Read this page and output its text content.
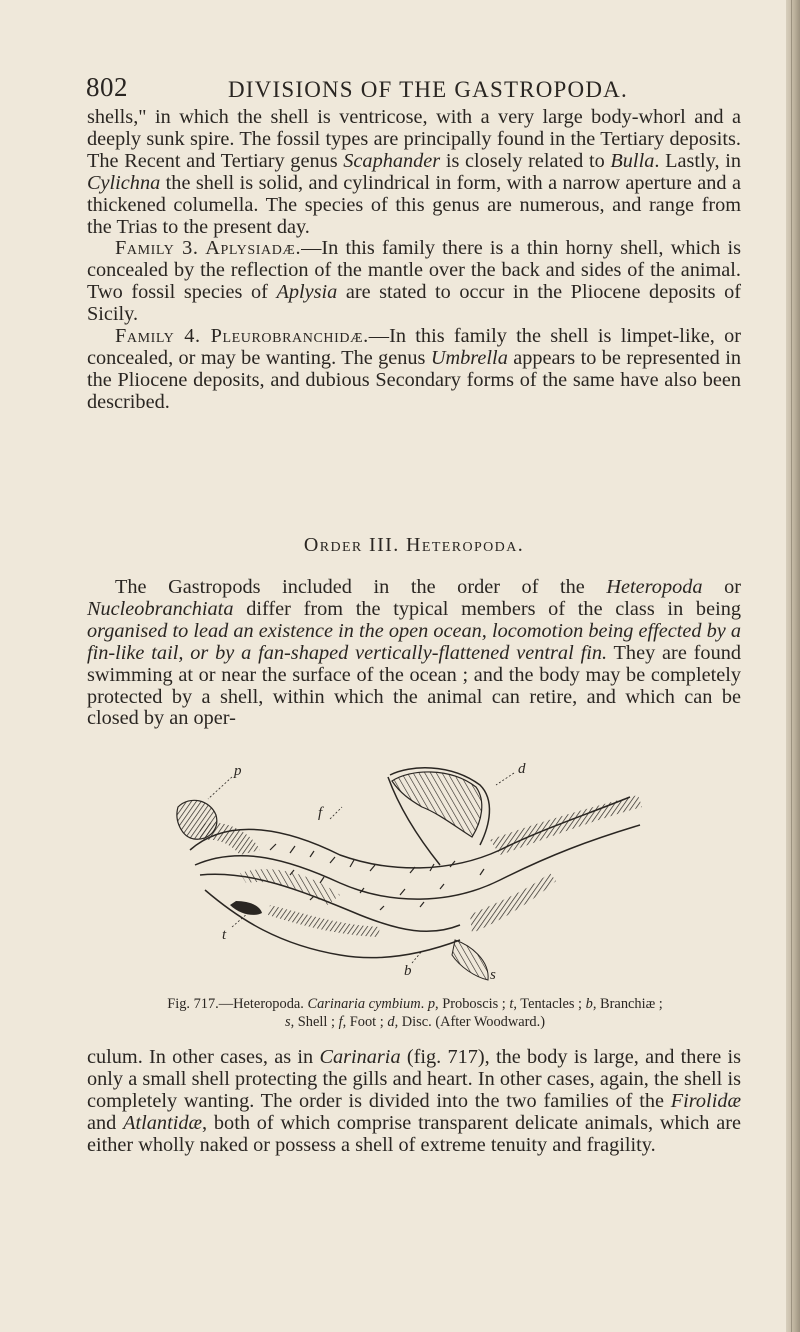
802	DIVISIONS OF THE GASTROPODA.

shells," in which the shell is ventricose, with a very large body-whorl and a deeply sunk spire. The fossil types are principally found in the Tertiary deposits. The Recent and Tertiary genus Scaphander is closely related to Bulla. Lastly, in Cylichna the shell is solid, and cylindrical in form, with a narrow aperture and a thickened columella. The species of this genus are numerous, and range from the Trias to the present day.

Family 3. Aplysiadæ.—In this family there is a thin horny shell, which is concealed by the reflection of the mantle over the back and sides of the animal. Two fossil species of Aplysia are stated to occur in the Pliocene deposits of Sicily.

Family 4. Pleurobranchidæ.—In this family the shell is limpet-like, or concealed, or may be wanting. The genus Umbrella appears to be represented in the Pliocene deposits, and dubious Secondary forms of the same have also been described.

Order III. Heteropoda.

The Gastropods included in the order of the Heteropoda or Nucleobranchiata differ from the typical members of the class in being organised to lead an existence in the open ocean, locomotion being effected by a fin-like tail, or by a fan-shaped vertically-flattened ventral fin. They are found swimming at or near the surface of the ocean ; and the body may be completely protected by a shell, within which the animal can retire, and which can be closed by an oper-

p	d
f
t
b	s
Fig. 717.—Heteropoda. Carinaria cymbium. p, Proboscis ; t, Tentacles ; b, Branchiæ ;
s, Shell ; f, Foot ; d, Disc. (After Woodward.)

culum. In other cases, as in Carinaria (fig. 717), the body is large, and there is only a small shell protecting the gills and heart. In other cases, again, the shell is completely wanting. The order is divided into the two families of the Firolidæ and Atlantidæ, both of which comprise transparent delicate animals, which are either wholly naked or possess a shell of extreme tenuity and fragility.
